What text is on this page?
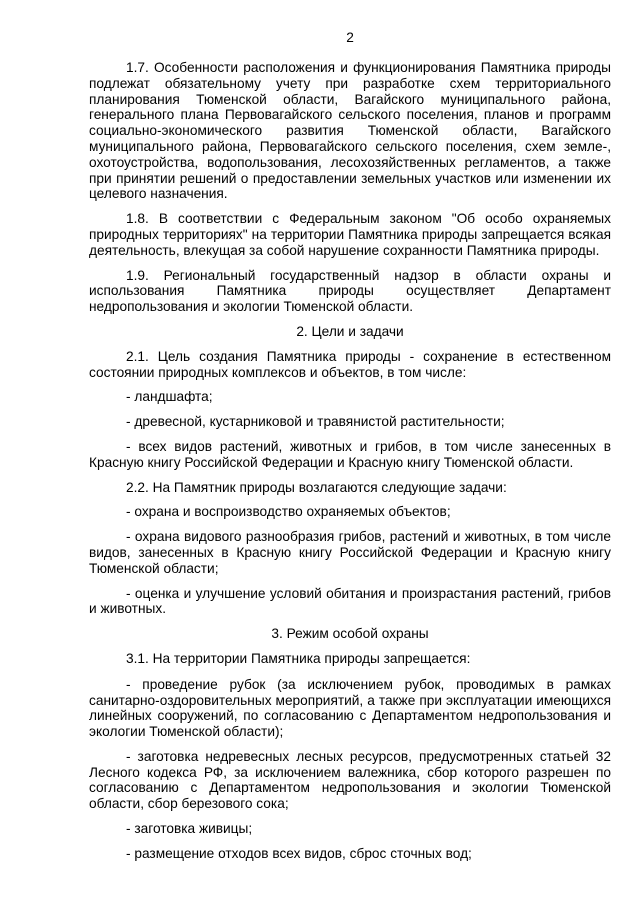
2

1.7. Особенности расположения и функционирования Памятника природы подлежат обязательному учету при разработке схем территориального планирования Тюменской области, Вагайского муниципального района, генерального плана Первовагайского сельского поселения, планов и программ социально-экономического развития Тюменской области, Вагайского муниципального района, Первовагайского сельского поселения, схем земле-, охотоустройства, водопользования, лесохозяйственных регламентов, а также при принятии решений о предоставлении земельных участков или изменении их целевого назначения.

1.8. В соответствии с Федеральным законом "Об особо охраняемых природных территориях" на территории Памятника природы запрещается всякая деятельность, влекущая за собой нарушение сохранности Памятника природы.

1.9. Региональный государственный надзор в области охраны и использования Памятника природы осуществляет Департамент недропользования и экологии Тюменской области.

2. Цели и задачи

2.1. Цель создания Памятника природы - сохранение в естественном состоянии природных комплексов и объектов, в том числе:

- ландшафта;

- древесной, кустарниковой и травянистой растительности;

- всех видов растений, животных и грибов, в том числе занесенных в Красную книгу Российской Федерации и Красную книгу Тюменской области.

2.2. На Памятник природы возлагаются следующие задачи:

- охрана и воспроизводство охраняемых объектов;

- охрана видового разнообразия грибов, растений и животных, в том числе видов, занесенных в Красную книгу Российской Федерации и Красную книгу Тюменской области;

- оценка и улучшение условий обитания и произрастания растений, грибов и животных.

3. Режим особой охраны

3.1. На территории Памятника природы запрещается:

- проведение рубок (за исключением рубок, проводимых в рамках санитарно-оздоровительных мероприятий, а также при эксплуатации имеющихся линейных сооружений, по согласованию с Департаментом недропользования и экологии Тюменской области);

- заготовка недревесных лесных ресурсов, предусмотренных статьей 32 Лесного кодекса РФ, за исключением валежника, сбор которого разрешен по согласованию с Департаментом недропользования и экологии Тюменской области, сбор березового сока;

- заготовка живицы;

- размещение отходов всех видов, сброс сточных вод;
